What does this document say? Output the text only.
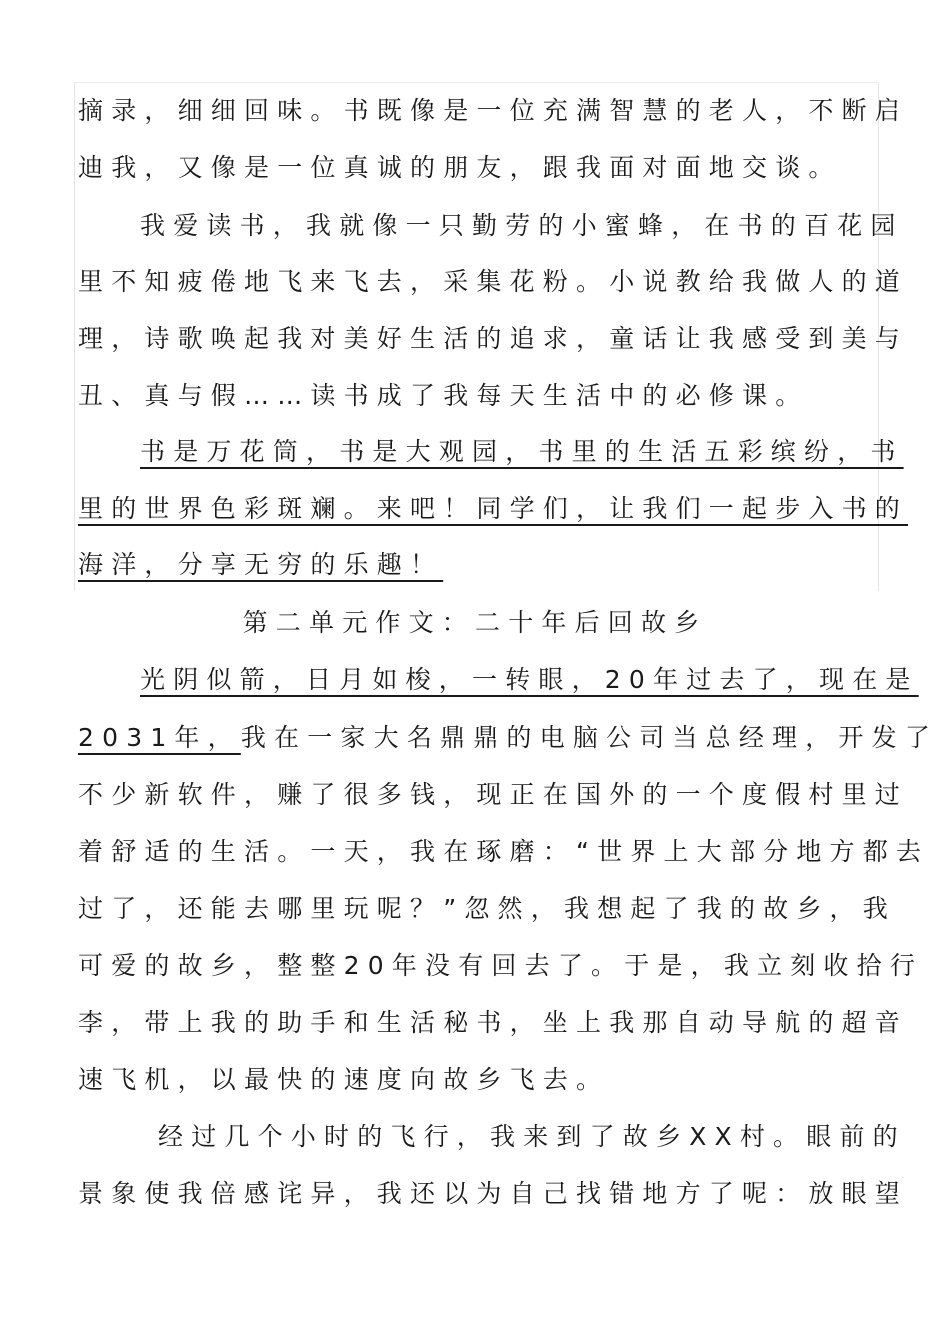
摘录，细细回味。书既像是一位充满智慧的老人，不断启
迪我，又像是一位真诚的朋友，跟我面对面地交谈。
我爱读书，我就像一只勤劳的小蜜蜂，在书的百花园
里不知疲倦地飞来飞去，采集花粉。小说教给我做人的道
理，诗歌唤起我对美好生活的追求，童话让我感受到美与
丑、真与假……读书成了我每天生活中的必修课。
书是万花筒，书是大观园，书里的生活五彩缤纷，书
里的世界色彩斑斓。来吧！同学们，让我们一起步入书的
海洋，分享无穷的乐趣！
第二单元作文：二十年后回故乡
光阴似箭，日月如梭，一转眼，20年过去了，现在是
2031年，我在一家大名鼎鼎的电脑公司当总经理，开发了
不少新软件，赚了很多钱，现正在国外的一个度假村里过
着舒适的生活。一天，我在琢磨：“世界上大部分地方都去
过了，还能去哪里玩呢？”忽然，我想起了我的故乡，我
可爱的故乡，整整20年没有回去了。于是，我立刻收拾行
李，带上我的助手和生活秘书，坐上我那自动导航的超音
速飞机，以最快的速度向故乡飞去。
经过几个小时的飞行，我来到了故乡XX村。眼前的
景象使我倍感诧异，我还以为自己找错地方了呢：放眼望
